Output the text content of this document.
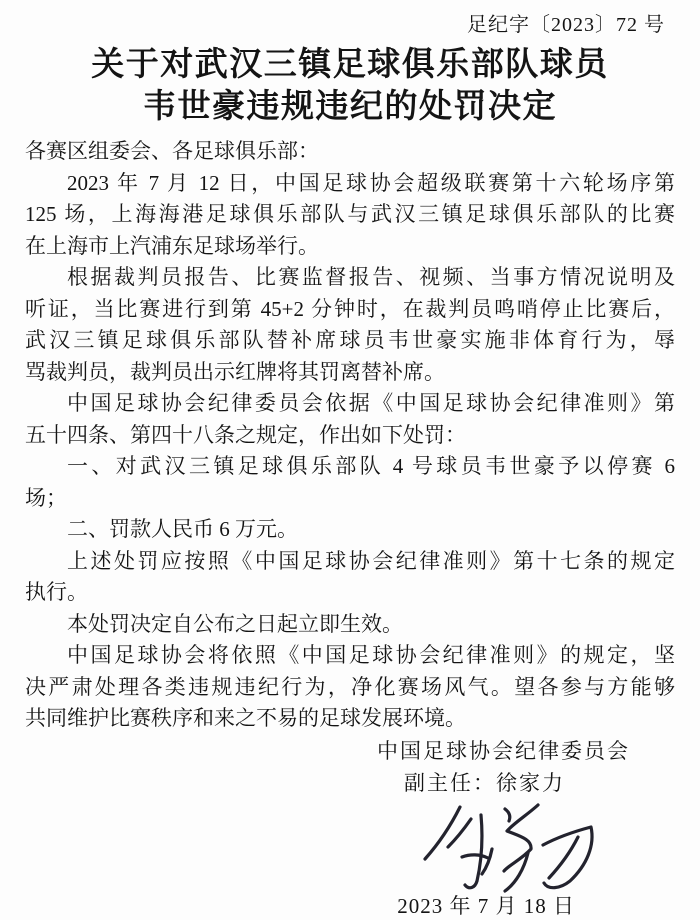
足纪字〔2023〕72 号
关于对武汉三镇足球俱乐部队球员
韦世豪违规违纪的处罚决定
各赛区组委会、各足球俱乐部：
2023 年 7 月 12 日，中国足球协会超级联赛第十六轮场序第
125 场，上海海港足球俱乐部队与武汉三镇足球俱乐部队的比赛
在上海市上汽浦东足球场举行。
根据裁判员报告、比赛监督报告、视频、当事方情况说明及
听证，当比赛进行到第 45+2 分钟时，在裁判员鸣哨停止比赛后，
武汉三镇足球俱乐部队替补席球员韦世豪实施非体育行为，辱
骂裁判员，裁判员出示红牌将其罚离替补席。
中国足球协会纪律委员会依据《中国足球协会纪律准则》第
五十四条、第四十八条之规定，作出如下处罚：
一、对武汉三镇足球俱乐部队 4 号球员韦世豪予以停赛 6
场；
二、罚款人民币 6 万元。
上述处罚应按照《中国足球协会纪律准则》第十七条的规定
执行。
本处罚决定自公布之日起立即生效。
中国足球协会将依照《中国足球协会纪律准则》的规定，坚
决严肃处理各类违规违纪行为，净化赛场风气。望各参与方能够
共同维护比赛秩序和来之不易的足球发展环境。
中国足球协会纪律委员会
副主任：徐家力
2023 年 7 月 18 日
